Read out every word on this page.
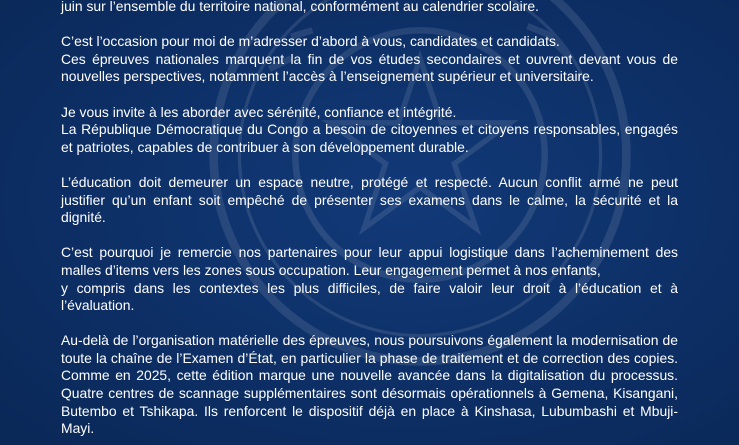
juin sur l’ensemble du territoire national, conformément au calendrier scolaire.

C’est l’occasion pour moi de m’adresser d’abord à vous, candidates et candidats.
Ces épreuves nationales marquent la fin de vos études secondaires et ouvrent devant vous de nouvelles perspectives, notamment l’accès à l’enseignement supérieur et universitaire.

Je vous invite à les aborder avec sérénité, confiance et intégrité.
La République Démocratique du Congo a besoin de citoyennes et citoyens responsables, engagés et patriotes, capables de contribuer à son développement durable.

L’éducation doit demeurer un espace neutre, protégé et respecté. Aucun conflit armé ne peut justifier qu’un enfant soit empêché de présenter ses examens dans le calme, la sécurité et la dignité.

C’est pourquoi je remercie nos partenaires pour leur appui logistique dans l’acheminement des malles d’items vers les zones sous occupation. Leur engagement permet à nos enfants,
y compris dans les contextes les plus difficiles, de faire valoir leur droit à l’éducation et à l’évaluation.

Au-delà de l’organisation matérielle des épreuves, nous poursuivons également la modernisation de toute la chaîne de l’Examen d’État, en particulier la phase de traitement et de correction des copies. Comme en 2025, cette édition marque une nouvelle avancée dans la digitalisation du processus. Quatre centres de scannage supplémentaires sont désormais opérationnels à Gemena, Kisangani, Butembo et Tshikapa. Ils renforcent le dispositif déjà en place à Kinshasa, Lubumbashi et Mbuji-Mayi.
